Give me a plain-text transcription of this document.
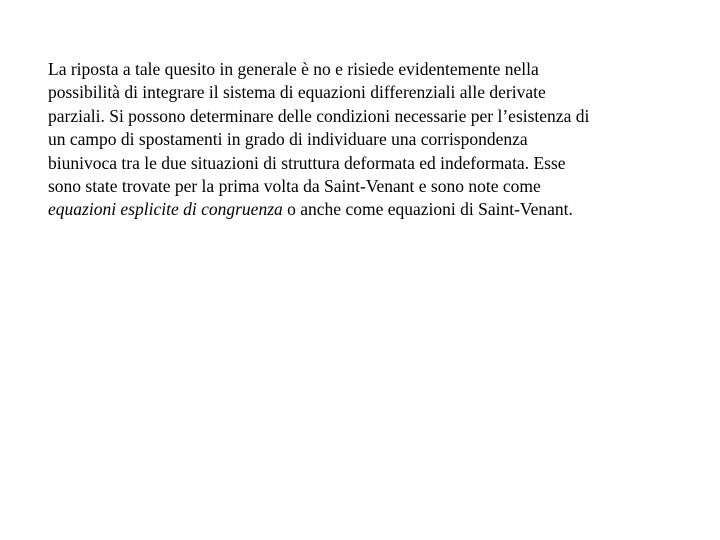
La riposta a tale quesito in generale è no e risiede evidentemente nella
possibilità di integrare il sistema di equazioni differenziali alle derivate
parziali. Si possono determinare delle condizioni necessarie per l’esistenza di
un campo di spostamenti in grado di individuare una corrispondenza
biunivoca tra le due situazioni di struttura deformata ed indeformata. Esse
sono state trovate per la prima volta da Saint-Venant e sono note come
equazioni esplicite di congruenza o anche come equazioni di Saint-Venant.
